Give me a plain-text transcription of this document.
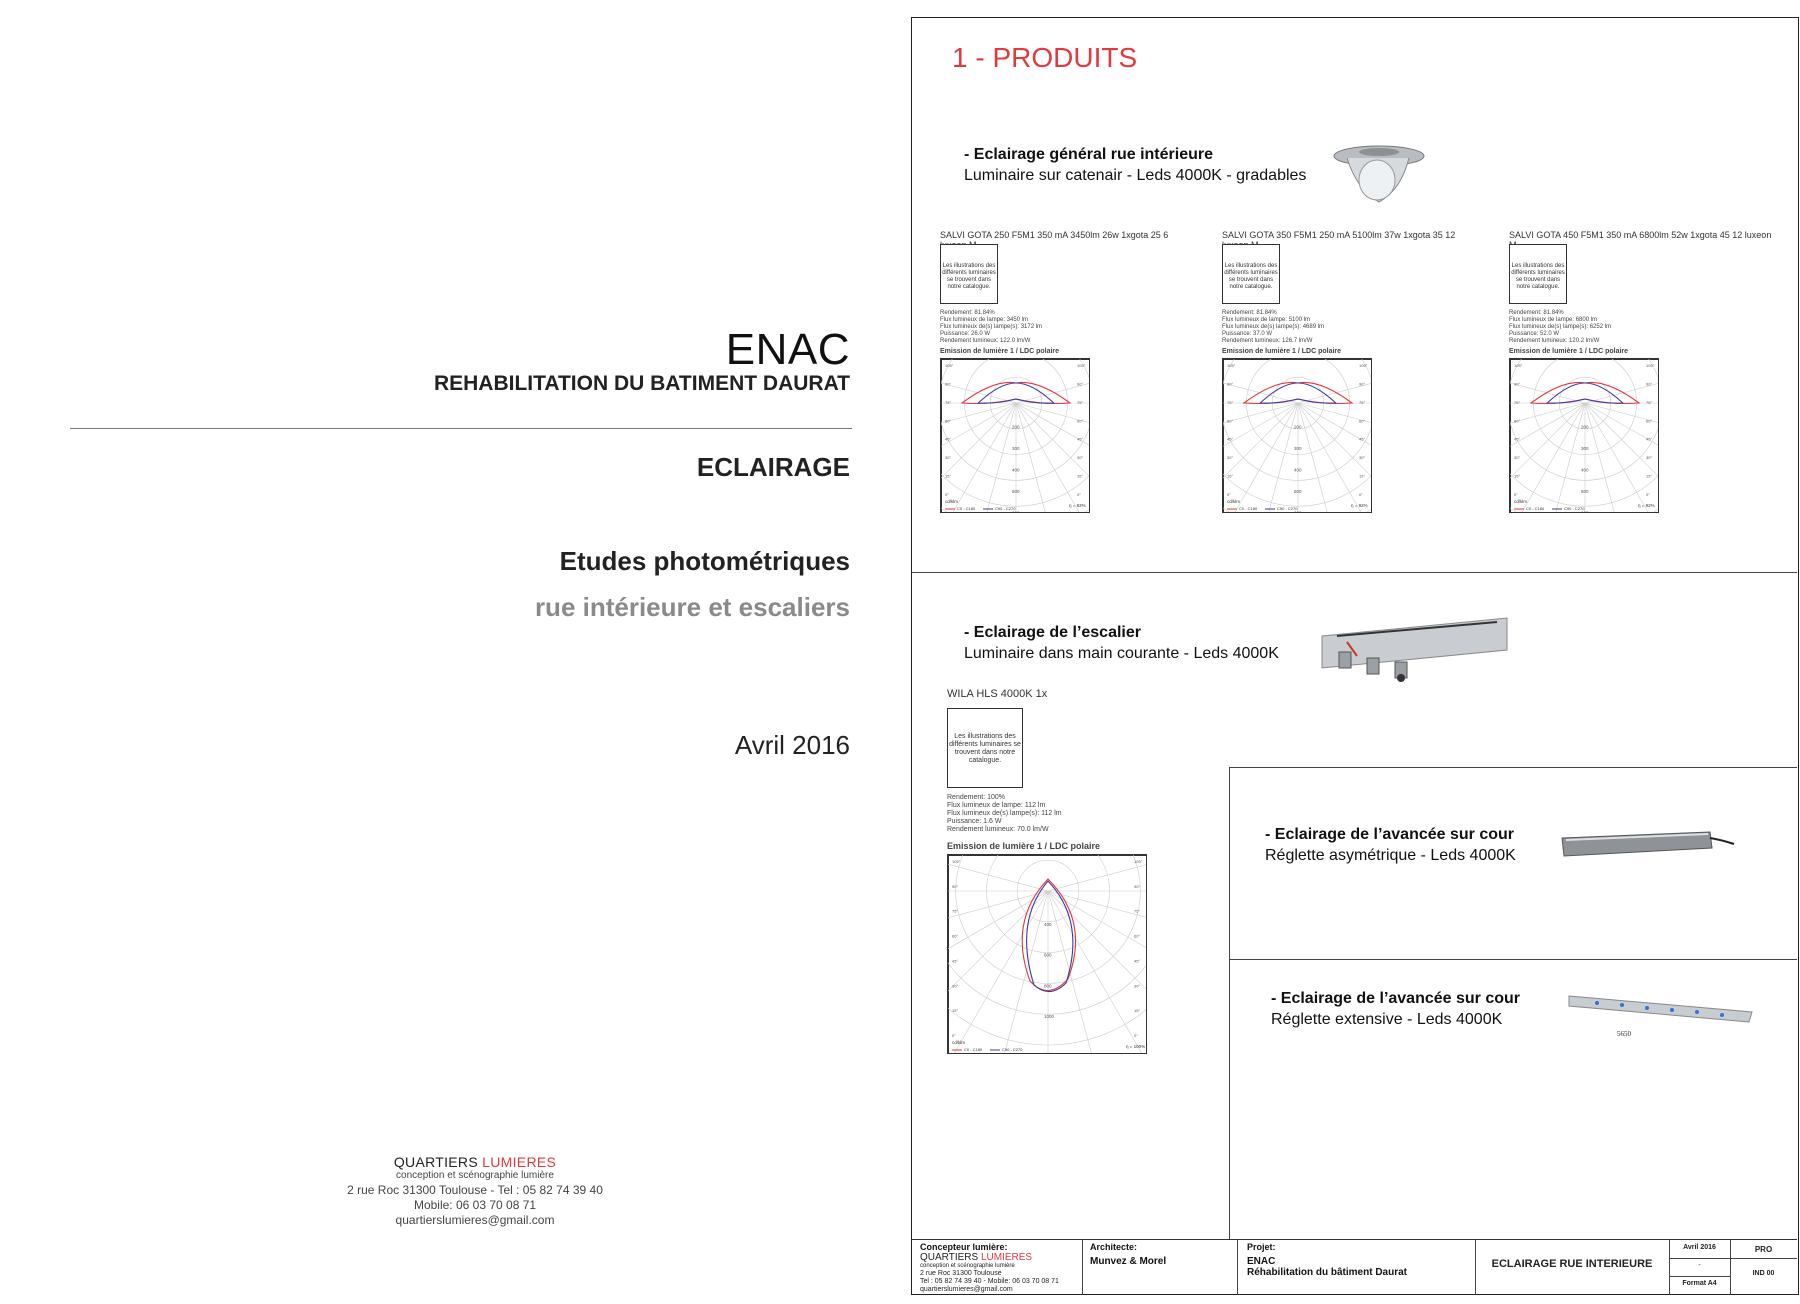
ENAC
REHABILITATION DU BATIMENT DAURAT
ECLAIRAGE
Etudes photométriques
rue intérieure et escaliers
Avril 2016
QUARTIERS LUMIERES
conception et scénographie lumière
2 rue Roc 31300 Toulouse - Tel : 05 82 74 39 40
Mobile: 06 03 70 08 71
quartierslumieres@gmail.com
1 - PRODUITS
- Eclairage général rue intérieure
Luminaire sur catenair - Leds 4000K - gradables
SALVI GOTA 250 F5M1 350 mA 3450lm 26w 1xgota 25 6
Les illustrations des différents luminaires se trouvent dans notre catalogue.
Rendement: 81.84%
Flux lumineux de lampe: 3450 lm
Flux lumineux de(s) lampe(s): 3172 lm
Puissance: 26.0 W
Rendement lumineux: 122.0 lm/W
Emission de lumière 1 / LDC polaire
200
300
400
500
600
105°	105°
90°	90°
75°	75°
60°	60°
45°	45°
30°	30°
15°	15°
0°	0°
cd/klm
C0 - C180	C90 - C270
η = 92%
SALVI GOTA 350 F5M1 250 mA 5100lm 37w 1xgota 35 12
Les illustrations des différents luminaires se trouvent dans notre catalogue.
Rendement: 81.84%
Flux lumineux de lampe: 5100 lm
Flux lumineux de(s) lampe(s): 4689 lm
Puissance: 37.0 W
Rendement lumineux: 126.7 lm/W
Emission de lumière 1 / LDC polaire
200
300
400
500
600
105°	105°
90°	90°
75°	75°
60°	60°
45°	45°
30°	30°
15°	15°
0°	0°
cd/klm
C0 - C180	C90 - C270
η = 92%
SALVI GOTA 450 F5M1 350 mA 6800lm 52w 1xgota 45 12 luxeon
Les illustrations des différents luminaires se trouvent dans notre catalogue.
Rendement: 81.84%
Flux lumineux de lampe: 6800 lm
Flux lumineux de(s) lampe(s): 6252 lm
Puissance: 52.0 W
Rendement lumineux: 120.2 lm/W
Emission de lumière 1 / LDC polaire
200
300
400
500
600
105°	105°
90°	90°
75°	75°
60°	60°
45°	45°
30°	30°
15°	15°
0°	0°
cd/klm
C0 - C180	C90 - C270
η = 92%
- Eclairage de l’escalier
Luminaire dans main courante - Leds 4000K
WILA HLS 4000K 1x
Les illustrations des différents luminaires se trouvent dans notre catalogue.
Rendement: 100%
Flux lumineux de lampe: 112 lm
Flux lumineux de(s) lampe(s): 112 lm
Puissance: 1.6 W
Rendement lumineux: 70.0 lm/W
Emission de lumière 1 / LDC polaire
400
600
800
1000
105°	105°
90°	90°
75°	75°
60°	60°
45°	45°
30°	30°
15°	15°
0°	0°
cd/klm
C0 - C180	C90 - C270
η = 100%
- Eclairage de l’avancée sur cour
Réglette asymétrique - Leds 4000K
- Eclairage de l’avancée sur cour
Réglette extensive - Leds 4000K
5650
Concepteur lumière:
QUARTIERS LUMIERES
conception et scénographie lumière
2 rue Roc 31300 Toulouse
Tel : 05 82 74 39 40 - Mobile: 06 03 70 08 71
quartierslumieres@gmail.com
Architecte:
Munvez & Morel
Projet:
ENAC
Réhabilitation du bâtiment Daurat
ECLAIRAGE RUE INTERIEURE
Avril 2016
-
Format A4
PRO
IND 00
